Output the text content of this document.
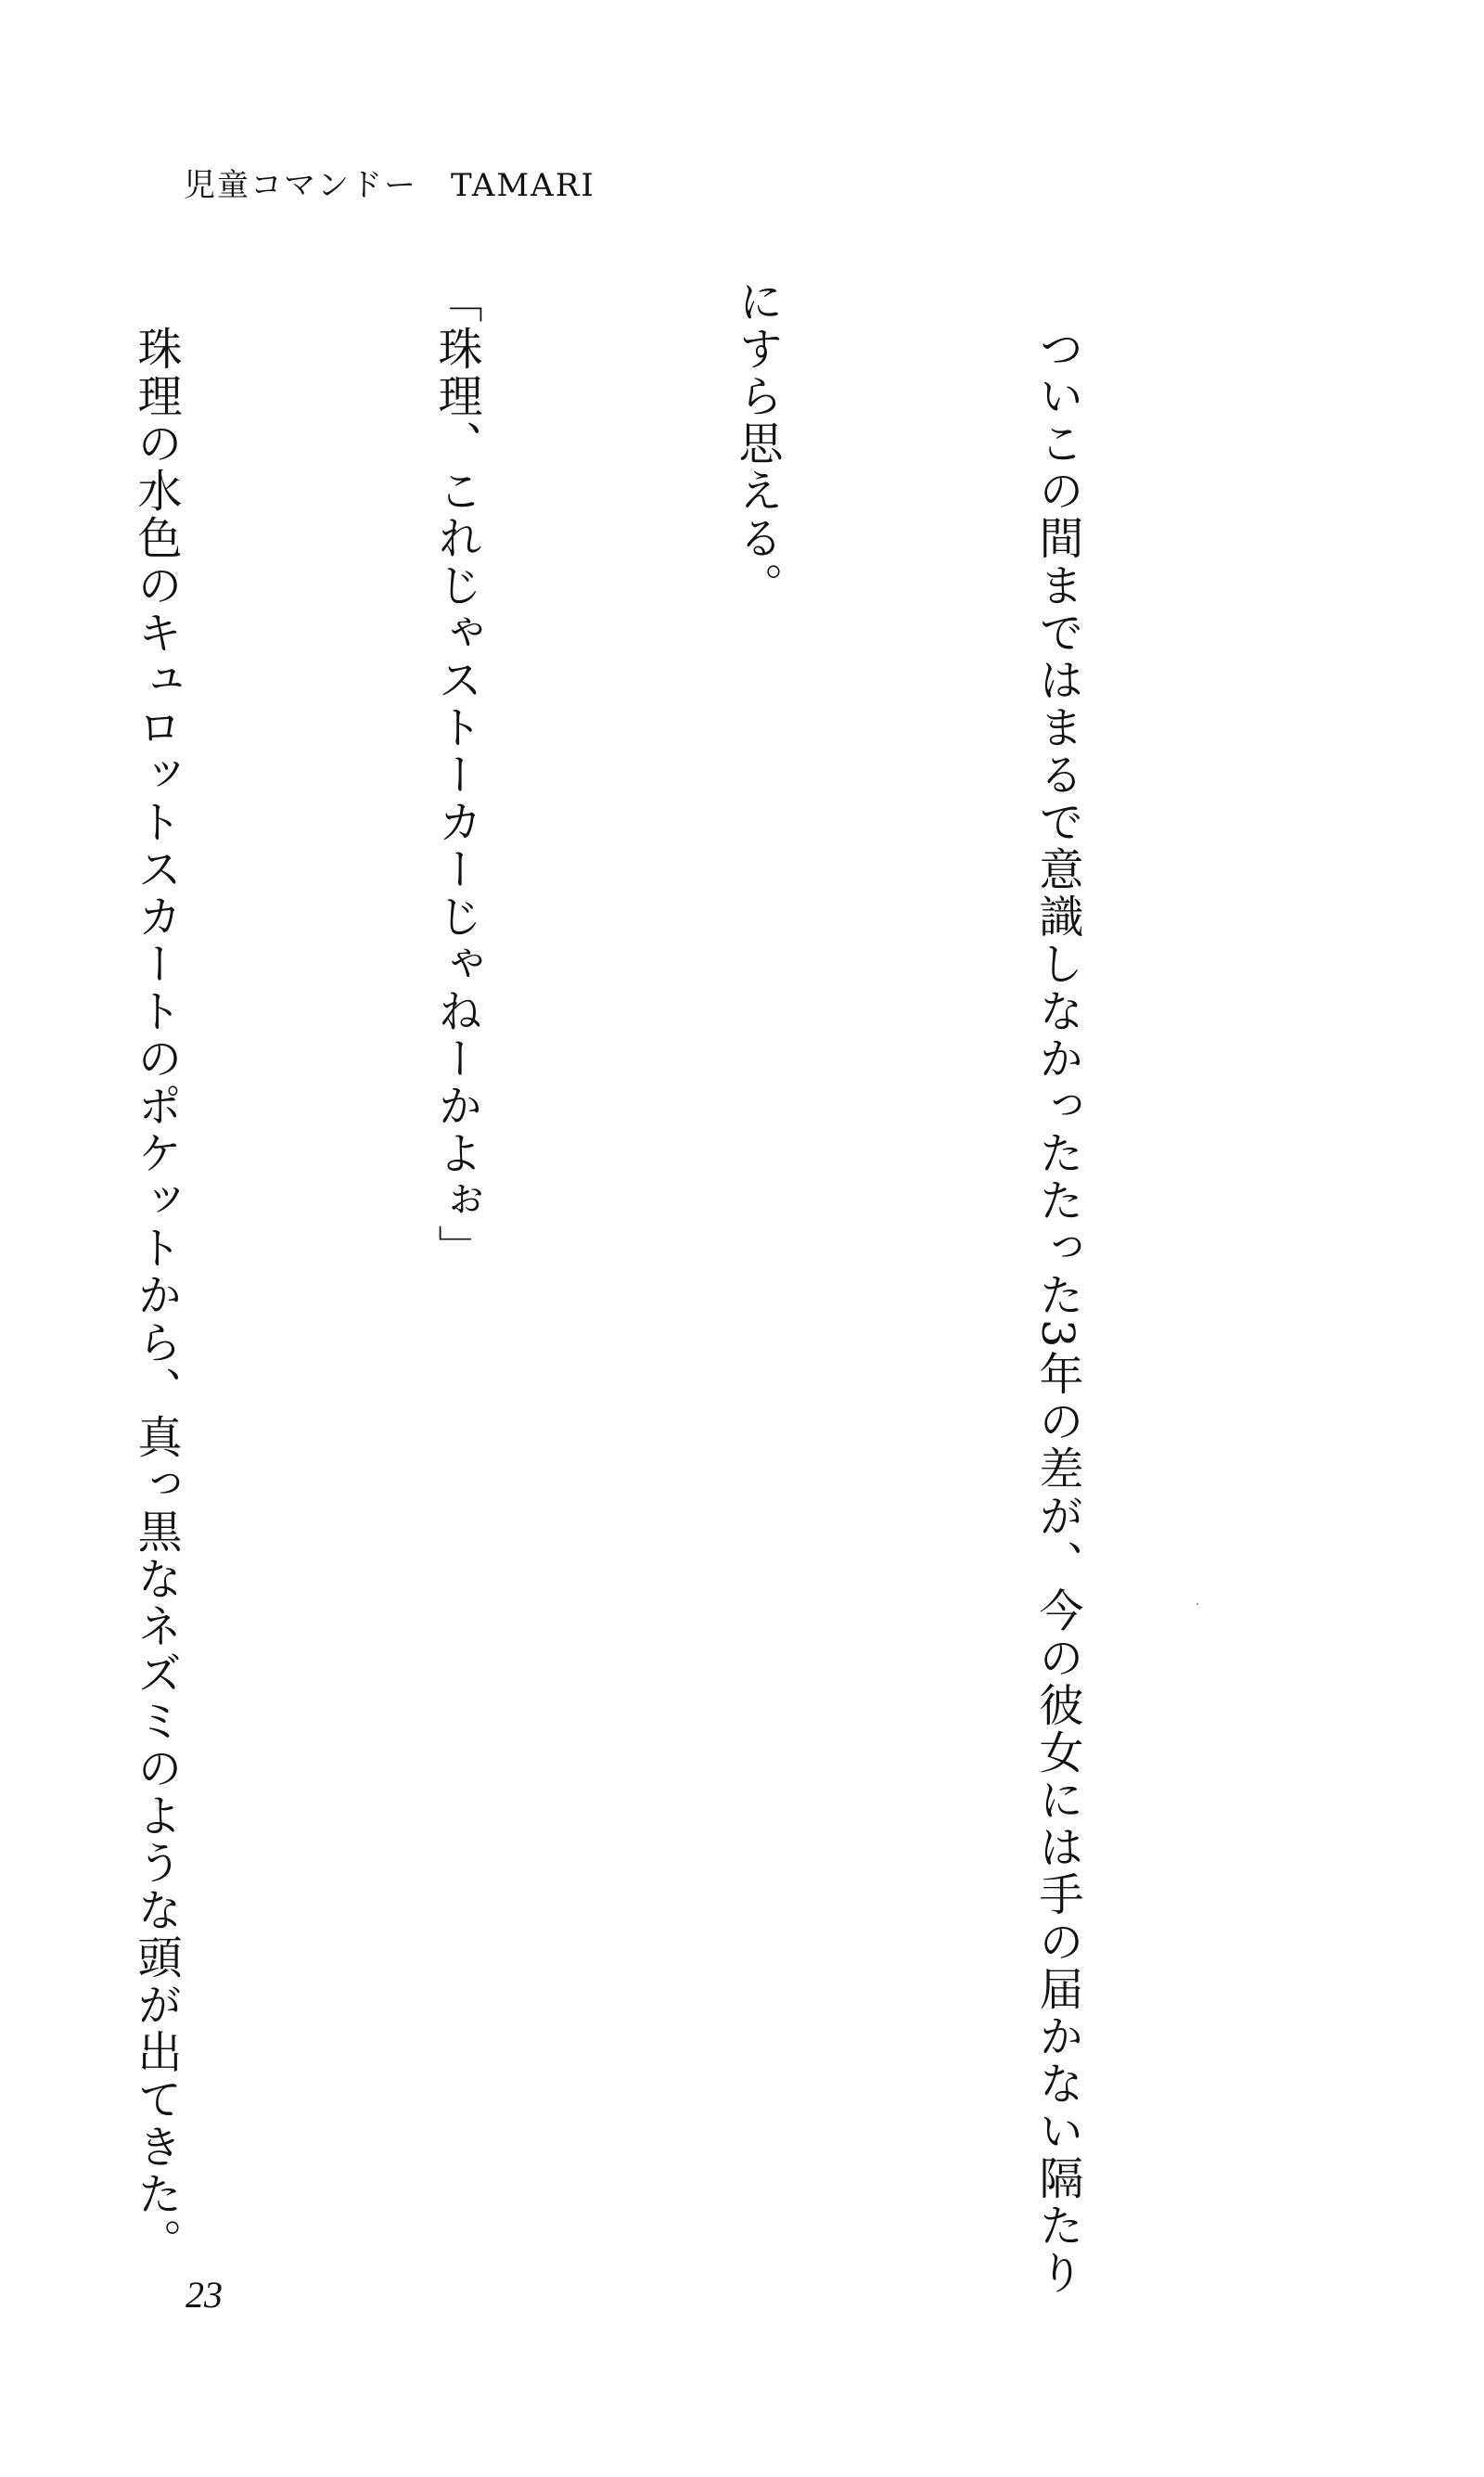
児童コマンドー　TAMARI

　ついこの間まではまるで意識しなかったたった3年の差が、今の彼女には手の届かない隔たり

にすら思える。

「珠理、これじゃストーカーじゃねーかよぉ」

　珠理の水色のキュロットスカートのポケットから、真っ黒なネズミのような頭が出てきた。

23
